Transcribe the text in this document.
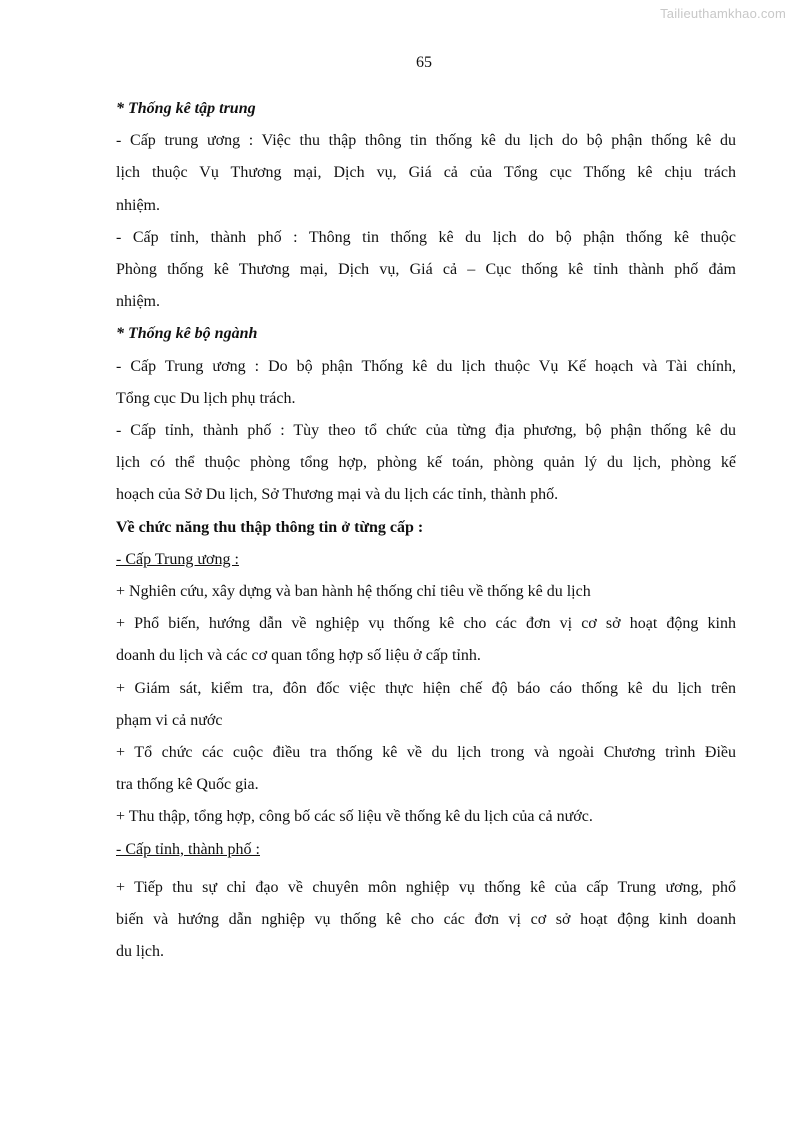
Tailieuthamkhao.com
65
* Thống kê tập trung
- Cấp trung ương : Việc thu thập thông tin thống kê du lịch do bộ phận thống kê du
lịch thuộc Vụ Thương mại, Dịch vụ, Giá cả của Tổng cục Thống kê chịu trách
nhiệm.
- Cấp tỉnh, thành phố : Thông tin thống kê du lịch do bộ phận thống kê thuộc
Phòng thống kê Thương mại, Dịch vụ, Giá cả – Cục thống kê tỉnh thành phố đảm
nhiệm.
* Thống kê bộ ngành
- Cấp Trung ương : Do bộ phận Thống kê du lịch thuộc Vụ Kế hoạch và Tài chính,
Tổng cục Du lịch phụ trách.
- Cấp tỉnh, thành phố : Tùy theo tổ chức của từng địa phương, bộ phận thống kê du
lịch có thể thuộc phòng tổng hợp, phòng kế toán, phòng quản lý du lịch, phòng kế
hoạch của Sở Du lịch, Sở Thương mại và du lịch các tỉnh, thành phố.
Về chức năng thu thập thông tin ở từng cấp :
- Cấp Trung ương :
+ Nghiên cứu, xây dựng và ban hành hệ thống chỉ tiêu về thống kê du lịch
+ Phổ biến, hướng dẫn về nghiệp vụ thống kê cho các đơn vị cơ sở hoạt động kinh
doanh du lịch và các cơ quan tổng hợp số liệu ở cấp tỉnh.
+ Giám sát, kiểm tra, đôn đốc việc thực hiện chế độ báo cáo thống kê du lịch trên
phạm vi cả nước
+ Tổ chức các cuộc điều tra thống kê về du lịch trong và ngoài Chương trình Điều
tra thống kê Quốc gia.
+ Thu thập, tổng hợp, công bố các số liệu về thống kê du lịch của cả nước.
- Cấp tỉnh, thành phố :
+ Tiếp thu sự chỉ đạo về chuyên môn nghiệp vụ thống kê của cấp Trung ương, phổ
biến và hướng dẫn nghiệp vụ thống kê cho các đơn vị cơ sở hoạt động kinh doanh
du lịch.
